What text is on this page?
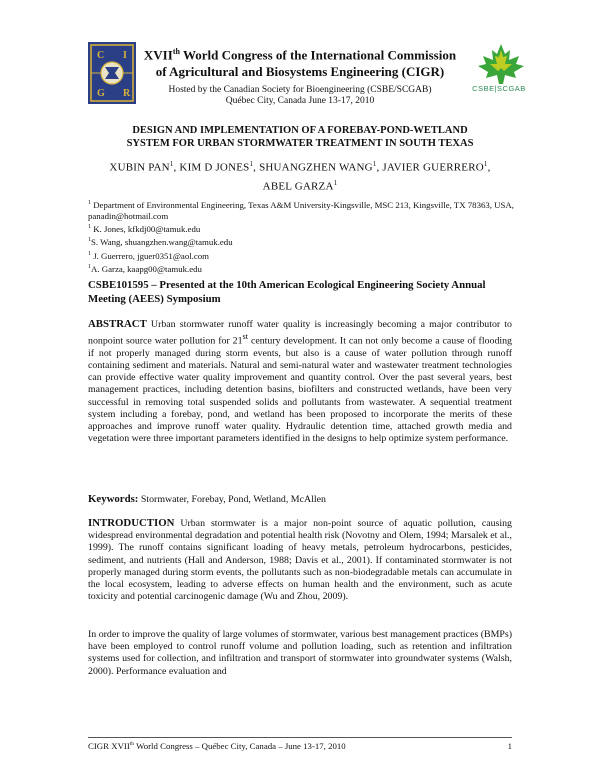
C I
G R
XVIIth World Congress of the International Commission
of Agricultural and Biosystems Engineering (CIGR)
Hosted by the Canadian Society for Bioengineering (CSBE/SCGAB)
Québec City, Canada June 13-17, 2010
CSBE|SCGAB
DESIGN AND IMPLEMENTATION OF A FOREBAY-POND-WETLAND
SYSTEM FOR URBAN STORMWATER TREATMENT IN SOUTH TEXAS
XUBIN PAN$^1$, KIM D JONES$^1$, SHUANGZHEN WANG$^1$, JAVIER GUERRERO$^1$,
ABEL GARZA$^1$
$^1$ Department of Environmental Engineering, Texas A&M University-Kingsville, MSC 213, Kingsville, TX 78363, USA, panadin@hotmail.com
$^1$ K. Jones, kfkdj00@tamuk.edu
$^1$S. Wang, shuangzhen.wang@tamuk.edu
$^1$ J. Guerrero, jguer0351@aol.com
$^1$A. Garza, kaapg00@tamuk.edu
CSBE101595 – Presented at the 10th American Ecological Engineering Society Annual Meeting (AEES) Symposium
ABSTRACT Urban stormwater runoff water quality is increasingly becoming a major contributor to nonpoint source water pollution for 21st century development. It can not only become a cause of flooding if not properly managed during storm events, but also is a cause of water pollution through runoff containing sediment and materials. Natural and semi-natural water and wastewater treatment technologies can provide effective water quality improvement and quantity control. Over the past several years, best management practices, including detention basins, biofilters and constructed wetlands, have been very successful in removing total suspended solids and pollutants from wastewater. A sequential treatment system including a forebay, pond, and wetland has been proposed to incorporate the merits of these approaches and improve runoff water quality. Hydraulic detention time, attached growth media and vegetation were three important parameters identified in the designs to help optimize system performance.
Keywords: Stormwater, Forebay, Pond, Wetland, McAllen
INTRODUCTION Urban stormwater is a major non-point source of aquatic pollution, causing widespread environmental degradation and potential health risk (Novotny and Olem, 1994; Marsalek et al., 1999). The runoff contains significant loading of heavy metals, petroleum hydrocarbons, pesticides, sediment, and nutrients (Hall and Anderson, 1988; Davis et al., 2001). If contaminated stormwater is not properly managed during storm events, the pollutants such as non-biodegradable metals can accumulate in the local ecosystem, leading to adverse effects on human health and the environment, such as acute toxicity and potential carcinogenic damage (Wu and Zhou, 2009).
In order to improve the quality of large volumes of stormwater, various best management practices (BMPs) have been employed to control runoff volume and pollution loading, such as retention and infiltration systems used for collection, and infiltration and transport of stormwater into groundwater systems (Walsh, 2000). Performance evaluation and
CIGR XVIIth World Congress – Québec City, Canada – June 13-17, 2010	1
